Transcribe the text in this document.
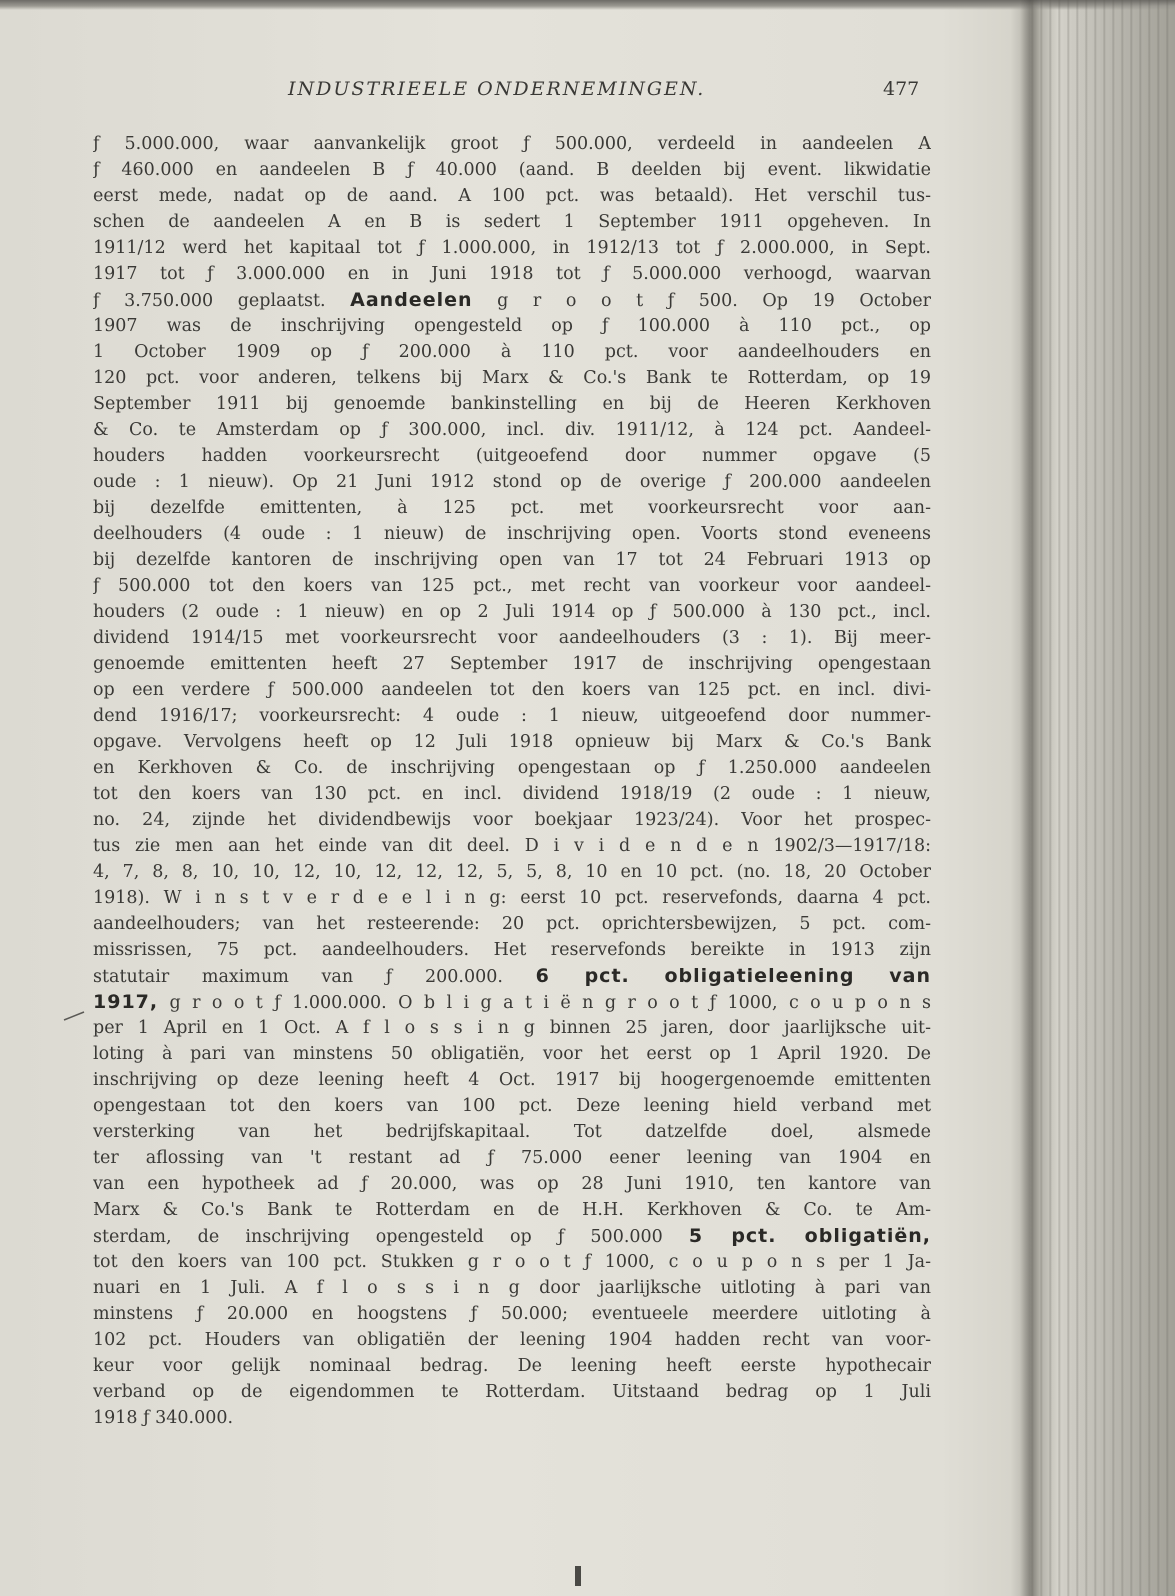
INDUSTRIEELE ONDERNEMINGEN.	477
ƒ 5.000.000, waar aanvankelijk groot ƒ 500.000, verdeeld in aandeelen A
ƒ 460.000 en aandeelen B ƒ 40.000 (aand. B deelden bij event. likwidatie
eerst mede, nadat op de aand. A 100 pct. was betaald). Het verschil tus-
schen de aandeelen A en B is sedert 1 September 1911 opgeheven. In
1911/12 werd het kapitaal tot ƒ 1.000.000, in 1912/13 tot ƒ 2.000.000, in Sept.
1917 tot ƒ 3.000.000 en in Juni 1918 tot ƒ 5.000.000 verhoogd, waarvan
ƒ 3.750.000 geplaatst. Aandeelen g r o o t ƒ 500. Op 19 October
1907 was de inschrijving opengesteld op ƒ 100.000 à 110 pct., op
1 October 1909 op ƒ 200.000 à 110 pct. voor aandeelhouders en
120 pct. voor anderen, telkens bij Marx & Co.'s Bank te Rotterdam, op 19
September 1911 bij genoemde bankinstelling en bij de Heeren Kerkhoven
& Co. te Amsterdam op ƒ 300.000, incl. div. 1911/12, à 124 pct. Aandeel-
houders hadden voorkeursrecht (uitgeoefend door nummer opgave (5
oude : 1 nieuw). Op 21 Juni 1912 stond op de overige ƒ 200.000 aandeelen
bij dezelfde emittenten, à 125 pct. met voorkeursrecht voor aan-
deelhouders (4 oude : 1 nieuw) de inschrijving open. Voorts stond eveneens
bij dezelfde kantoren de inschrijving open van 17 tot 24 Februari 1913 op
ƒ 500.000 tot den koers van 125 pct., met recht van voorkeur voor aandeel-
houders (2 oude : 1 nieuw) en op 2 Juli 1914 op ƒ 500.000 à 130 pct., incl.
dividend 1914/15 met voorkeursrecht voor aandeelhouders (3 : 1). Bij meer-
genoemde emittenten heeft 27 September 1917 de inschrijving opengestaan
op een verdere ƒ 500.000 aandeelen tot den koers van 125 pct. en incl. divi-
dend 1916/17; voorkeursrecht: 4 oude : 1 nieuw, uitgeoefend door nummer-
opgave. Vervolgens heeft op 12 Juli 1918 opnieuw bij Marx & Co.'s Bank
en Kerkhoven & Co. de inschrijving opengestaan op ƒ 1.250.000 aandeelen
tot den koers van 130 pct. en incl. dividend 1918/19 (2 oude : 1 nieuw,
no. 24, zijnde het dividendbewijs voor boekjaar 1923/24). Voor het prospec-
tus zie men aan het einde van dit deel. D i v i d e n d e n 1902/3—1917/18:
4, 7, 8, 8, 10, 10, 12, 10, 12, 12, 12, 5, 5, 8, 10 en 10 pct. (no. 18, 20 October
1918). W i n s t v e r d e e l i n g: eerst 10 pct. reservefonds, daarna 4 pct.
aandeelhouders; van het resteerende: 20 pct. oprichtersbewijzen, 5 pct. com-
missrissen, 75 pct. aandeelhouders. Het reservefonds bereikte in 1913 zijn
statutair maximum van ƒ 200.000. 6 pct. obligatieleening van
1917, g r o o t ƒ 1.000.000. O b l i g a t i ë n g r o o t ƒ 1000, c o u p o n s
per 1 April en 1 Oct. A f l o s s i n g binnen 25 jaren, door jaarlijksche uit-
loting à pari van minstens 50 obligatiën, voor het eerst op 1 April 1920. De
inschrijving op deze leening heeft 4 Oct. 1917 bij hoogergenoemde emittenten
opengestaan tot den koers van 100 pct. Deze leening hield verband met
versterking van het bedrijfskapitaal. Tot datzelfde doel, alsmede
ter aflossing van 't restant ad ƒ 75.000 eener leening van 1904 en
van een hypotheek ad ƒ 20.000, was op 28 Juni 1910, ten kantore van
Marx & Co.'s Bank te Rotterdam en de H.H. Kerkhoven & Co. te Am-
sterdam, de inschrijving opengesteld op ƒ 500.000 5 pct. obligatiën,
tot den koers van 100 pct. Stukken g r o o t ƒ 1000, c o u p o n s per 1 Ja-
nuari en 1 Juli. A f l o s s i n g door jaarlijksche uitloting à pari van
minstens ƒ 20.000 en hoogstens ƒ 50.000; eventueele meerdere uitloting à
102 pct. Houders van obligatiën der leening 1904 hadden recht van voor-
keur voor gelijk nominaal bedrag. De leening heeft eerste hypothecair
verband op de eigendommen te Rotterdam. Uitstaand bedrag op 1 Juli
1918 ƒ 340.000.
